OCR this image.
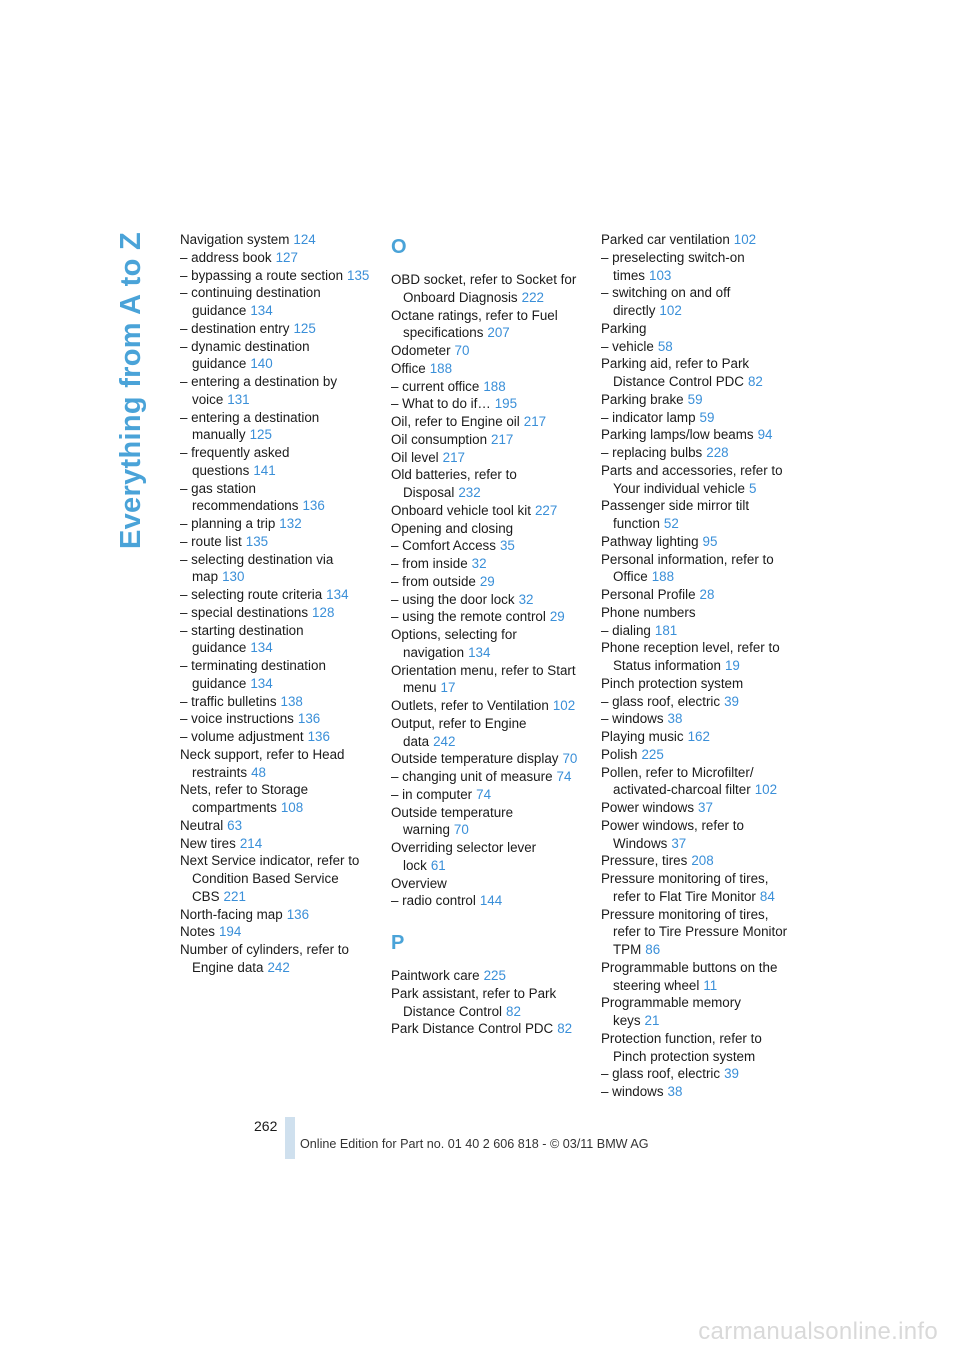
Everything from A to Z Navigation system 124
– address book 127
– bypassing a route section 135
– continuing destination guidance 134
– destination entry 125
– dynamic destination guidance 140
– entering a destination by voice 131
– entering a destination manually 125
– frequently asked questions 141
– gas station recommendations 136
– planning a trip 132
– route list 135
– selecting destination via map 130
– selecting route criteria 134
– special destinations 128
– starting destination guidance 134
– terminating destination guidance 134
– traffic bulletins 138
– voice instructions 136
– volume adjustment 136
Neck support, refer to Head restraints 48
Nets, refer to Storage compartments 108
Neutral 63
New tires 214
Next Service indicator, refer to Condition Based Service CBS 221
North-facing map 136
Notes 194
Number of cylinders, refer to Engine data 242
O
OBD socket, refer to Socket for Onboard Diagnosis 222
Octane ratings, refer to Fuel specifications 207
Odometer 70
Office 188
– current office 188
– What to do if… 195
Oil, refer to Engine oil 217
Oil consumption 217
Oil level 217
Old batteries, refer to Disposal 232
Onboard vehicle tool kit 227
Opening and closing
– Comfort Access 35
– from inside 32
– from outside 29
– using the door lock 32
– using the remote control 29
Options, selecting for navigation 134
Orientation menu, refer to Start menu 17
Outlets, refer to Ventilation 102
Output, refer to Engine data 242
Outside temperature display 70
– changing unit of measure 74
– in computer 74
Outside temperature warning 70
Overriding selector lever lock 61
Overview
– radio control 144
P
Paintwork care 225
Park assistant, refer to Park Distance Control 82
Park Distance Control PDC 82
Parked car ventilation 102
– preselecting switch-on times 103
– switching on and off directly 102
Parking
– vehicle 58
Parking aid, refer to Park Distance Control PDC 82
Parking brake 59
– indicator lamp 59
Parking lamps/low beams 94
– replacing bulbs 228
Parts and accessories, refer to Your individual vehicle 5
Passenger side mirror tilt function 52
Pathway lighting 95
Personal information, refer to Office 188
Personal Profile 28
Phone numbers
– dialing 181
Phone reception level, refer to Status information 19
Pinch protection system
– glass roof, electric 39
– windows 38
Playing music 162
Polish 225
Pollen, refer to Microfilter/ activated-charcoal filter 102
Power windows 37
Power windows, refer to Windows 37
Pressure, tires 208
Pressure monitoring of tires, refer to Flat Tire Monitor 84
Pressure monitoring of tires, refer to Tire Pressure Monitor TPM 86
Programmable buttons on the steering wheel 11
Programmable memory keys 21
Protection function, refer to Pinch protection system
– glass roof, electric 39
– windows 38
262
Online Edition for Part no. 01 40 2 606 818 - © 03/11 BMW AG
carmanualsonline.info
